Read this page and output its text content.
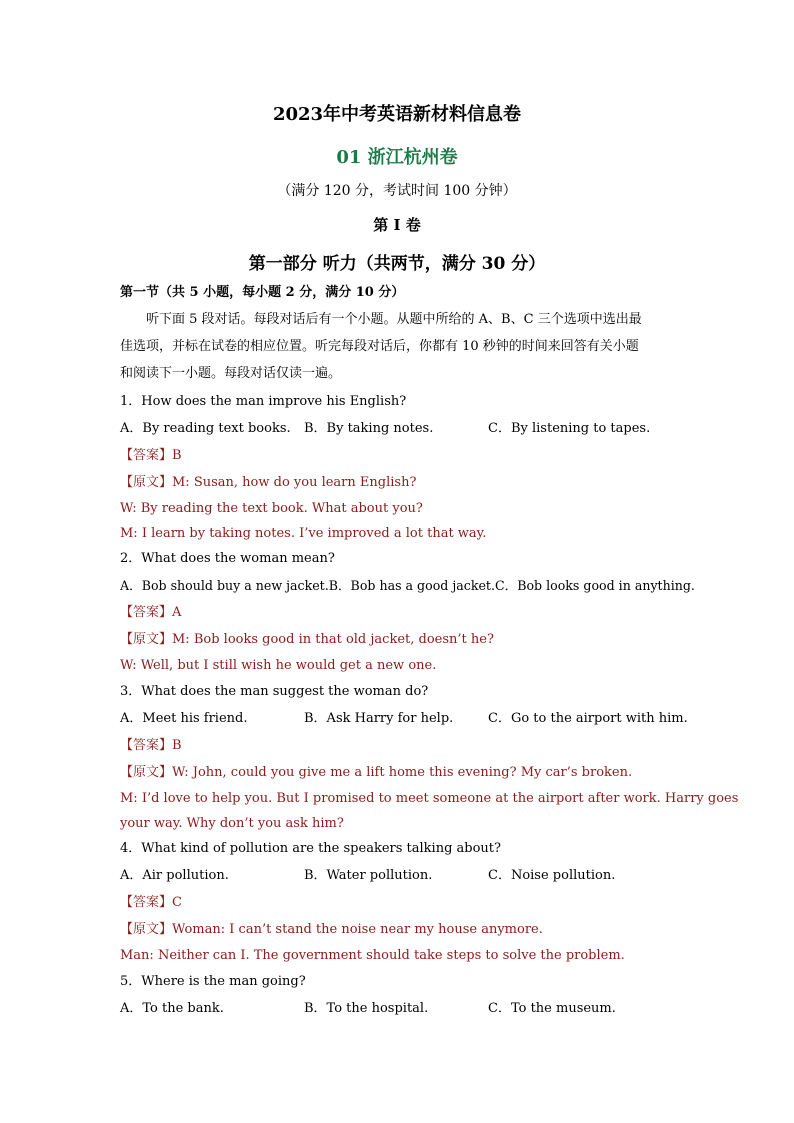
2023年中考英语新材料信息卷
01 浙江杭州卷
（满分 120 分，考试时间 100 分钟）
第 I 卷
第一部分 听力（共两节，满分 30 分）
第一节（共 5 小题，每小题 2 分，满分 10 分）
听下面 5 段对话。每段对话后有一个小题。从题中所给的 A、B、C 三个选项中选出最
佳选项，并标在试卷的相应位置。听完每段对话后，你都有 10 秒钟的时间来回答有关小题
和阅读下一小题。每段对话仅读一遍。
1．How does the man improve his English?
A．By reading text books. B．By taking notes.	C．By listening to tapes.
【答案】B
【原文】M: Susan, how do you learn English?
W: By reading the text book. What about you?
M: I learn by taking notes. I’ve improved a lot that way.
2．What does the woman mean?
A．Bob should buy a new jacket.B．Bob has a good jacket.C．Bob looks good in anything.
【答案】A
【原文】M: Bob looks good in that old jacket, doesn’t he?
W: Well, but I still wish he would get a new one.
3．What does the man suggest the woman do?
A．Meet his friend.	B．Ask Harry for help.	C．Go to the airport with him.
【答案】B
【原文】W: John, could you give me a lift home this evening? My car’s broken.
M: I’d love to help you. But I promised to meet someone at the airport after work. Harry goes
your way. Why don’t you ask him?
4．What kind of pollution are the speakers talking about?
A．Air pollution.	B．Water pollution.	C．Noise pollution.
【答案】C
【原文】Woman: I can’t stand the noise near my house anymore.
Man: Neither can I. The government should take steps to solve the problem.
5．Where is the man going?
A．To the bank.	B．To the hospital.	C．To the museum.
